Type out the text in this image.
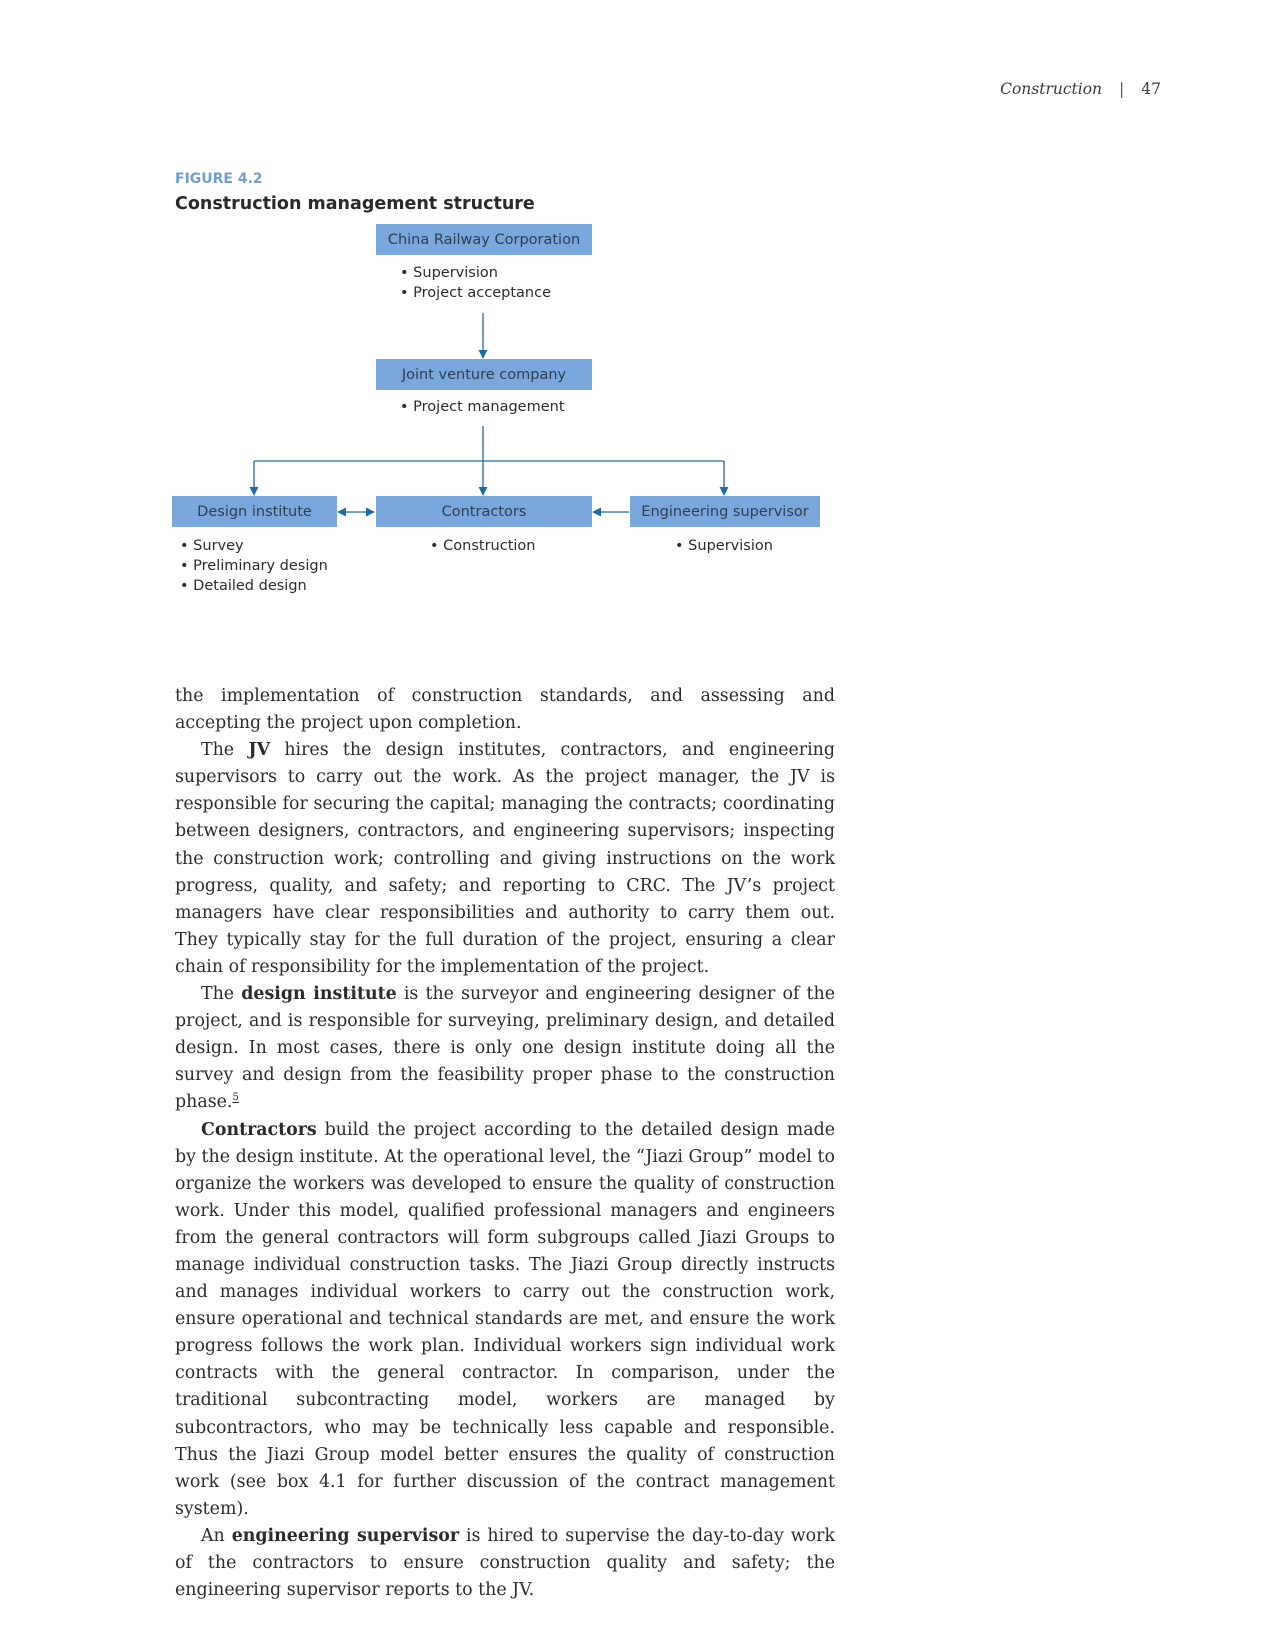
Construction | 47
FIGURE 4.2
Construction management structure
China Railway Corporation
• Supervision
• Project acceptance
Joint venture company
• Project management
Design institute
• Survey
• Preliminary design
• Detailed design
Contractors
• Construction
Engineering supervisor
• Supervision

the implementation of construction standards, and assessing and accepting the project upon completion.

The JV hires the design institutes, contractors, and engineering supervisors to carry out the work. As the project manager, the JV is responsible for securing the capital; managing the contracts; coordinating between designers, contractors, and engineering supervisors; inspecting the construction work; controlling and giving instructions on the work progress, quality, and safety; and reporting to CRC. The JV’s project managers have clear responsibilities and authority to carry them out. They typically stay for the full duration of the project, ensuring a clear chain of responsibility for the implementation of the project.

The design institute is the surveyor and engineering designer of the project, and is responsible for surveying, preliminary design, and detailed design. In most cases, there is only one design institute doing all the survey and design from the feasibility proper phase to the construction phase.$^5$

Contractors build the project according to the detailed design made by the design institute. At the operational level, the “Jiazi Group” model to organize the workers was developed to ensure the quality of construction work. Under this model, qualified professional managers and engineers from the general contractors will form subgroups called Jiazi Groups to manage individual construction tasks. The Jiazi Group directly instructs and manages individual workers to carry out the construction work, ensure operational and technical standards are met, and ensure the work progress follows the work plan. Individual workers sign individual work contracts with the general contractor. In comparison, under the traditional subcontracting model, workers are managed by subcontractors, who may be technically less capable and responsible. Thus the Jiazi Group model better ensures the quality of construction work (see box 4.1 for further discussion of the contract management system).

An engineering supervisor is hired to supervise the day-to-day work of the contractors to ensure construction quality and safety; the engineering supervisor reports to the JV.
